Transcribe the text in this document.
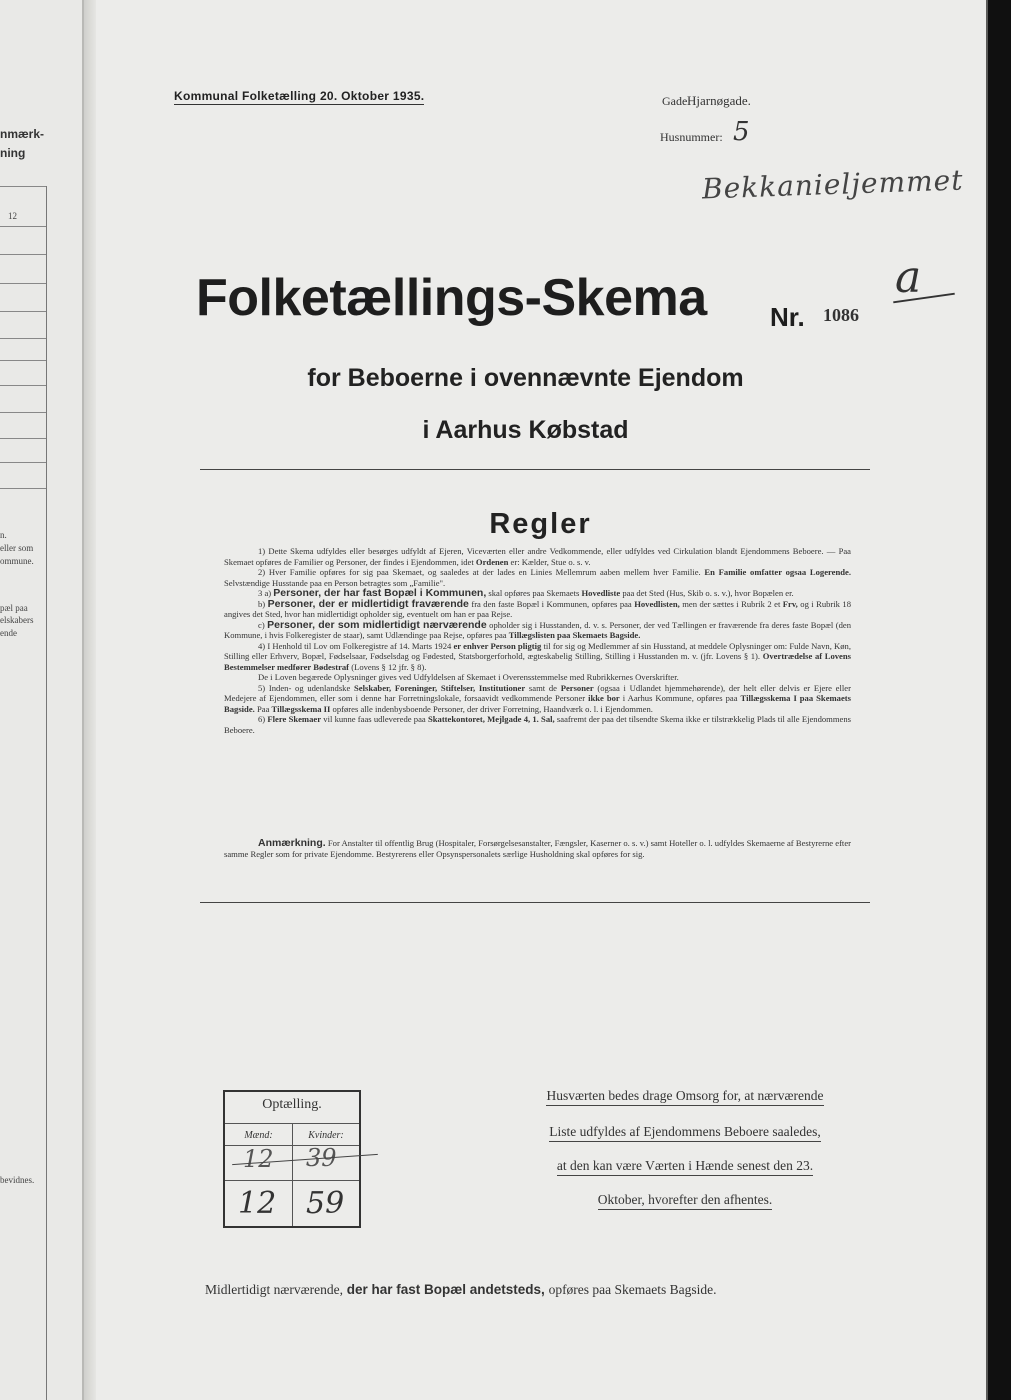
nmærk-
ning
12
n.
eller som
ommune.
pæl paa
elskabers
ende
bevidnes.
Kommunal Folketælling 20. Oktober 1935.	Gade Hjarnøgade.
Husnummer: 5
Bekkanieljemmet
Folketællings-Skema Nr. 1086
a
for Beboerne i ovennævnte Ejendom
i Aarhus Købstad
Regler

1) Dette Skema udfyldes eller besørges udfyldt af Ejeren, Viceværten eller andre Vedkommende, eller udfyldes ved Cirkulation blandt Ejendommens Beboere. — Paa Skemaet opføres de Familier og Personer, der findes i Ejendommen, idet Ordenen er: Kælder, Stue o. s. v.

2) Hver Familie opføres for sig paa Skemaet, og saaledes at der lades en Linies Mellemrum aaben mellem hver Familie. En Familie omfatter ogsaa Logerende. Selvstændige Husstande paa en Person betragtes som „Familie".

3 a) Personer, der har fast Bopæl i Kommunen, skal opføres paa Skemaets Hovedliste paa det Sted (Hus, Skib o. s. v.), hvor Bopælen er.

b) Personer, der er midlertidigt fraværende fra den faste Bopæl i Kommunen, opføres paa Hovedlisten, men der sættes i Rubrik 2 et Frv, og i Rubrik 18 angives det Sted, hvor han midlertidigt opholder sig, eventuelt om han er paa Rejse.

c) Personer, der som midlertidigt nærværende opholder sig i Husstanden, d. v. s. Personer, der ved Tællingen er fraværende fra deres faste Bopæl (den Kommune, i hvis Folkeregister de staar), samt Udlændinge paa Rejse, opføres paa Tillægslisten paa Skemaets Bagside.

4) I Henhold til Lov om Folkeregistre af 14. Marts 1924 er enhver Person pligtig til for sig og Medlemmer af sin Husstand, at meddele Oplysninger om: Fulde Navn, Køn, Stilling eller Erhverv, Bopæl, Fødselsaar, Fødselsdag og Fødested, Statsborgerforhold, ægteskabelig Stilling, Stilling i Husstanden m. v. (jfr. Lovens § 1). Overtrædelse af Lovens Bestemmelser medfører Bødestraf (Lovens § 12 jfr. § 8).

De i Loven begærede Oplysninger gives ved Udfyldelsen af Skemaet i Overensstemmelse med Rubrikkernes Overskrifter.

5) Inden- og udenlandske Selskaber, Foreninger, Stiftelser, Institutioner samt de Personer (ogsaa i Udlandet hjemmehørende), der helt eller delvis er Ejere eller Medejere af Ejendommen, eller som i denne har Forretningslokale, forsaavidt vedkommende Personer ikke bor i Aarhus Kommune, opføres paa Tillægsskema I paa Skemaets Bagside. Paa Tillægsskema II opføres alle indenbysboende Personer, der driver Forretning, Haandværk o. l. i Ejendommen.

6) Flere Skemaer vil kunne faas udleverede paa Skattekontoret, Mejlgade 4, 1. Sal, saafremt der paa det tilsendte Skema ikke er tilstrækkelig Plads til alle Ejendommens Beboere.

Anmærkning. For Anstalter til offentlig Brug (Hospitaler, Forsørgelsesanstalter, Fængsler, Kaserner o. s. v.) samt Hoteller o. l. udfyldes Skemaerne af Bestyrerne efter samme Regler som for private Ejendomme. Bestyrerens eller Opsynspersonalets særlige Husholdning skal opføres for sig.

Optælling.
Mænd:	Kvinder:
12 39
12 59
Husværten bedes drage Omsorg for, at nærværende
Liste udfyldes af Ejendommens Beboere saaledes,
at den kan være Værten i Hænde senest den 23.
Oktober, hvorefter den afhentes.
Midlertidigt nærværende, der har fast Bopæl andetsteds, opføres paa Skemaets Bagside.
